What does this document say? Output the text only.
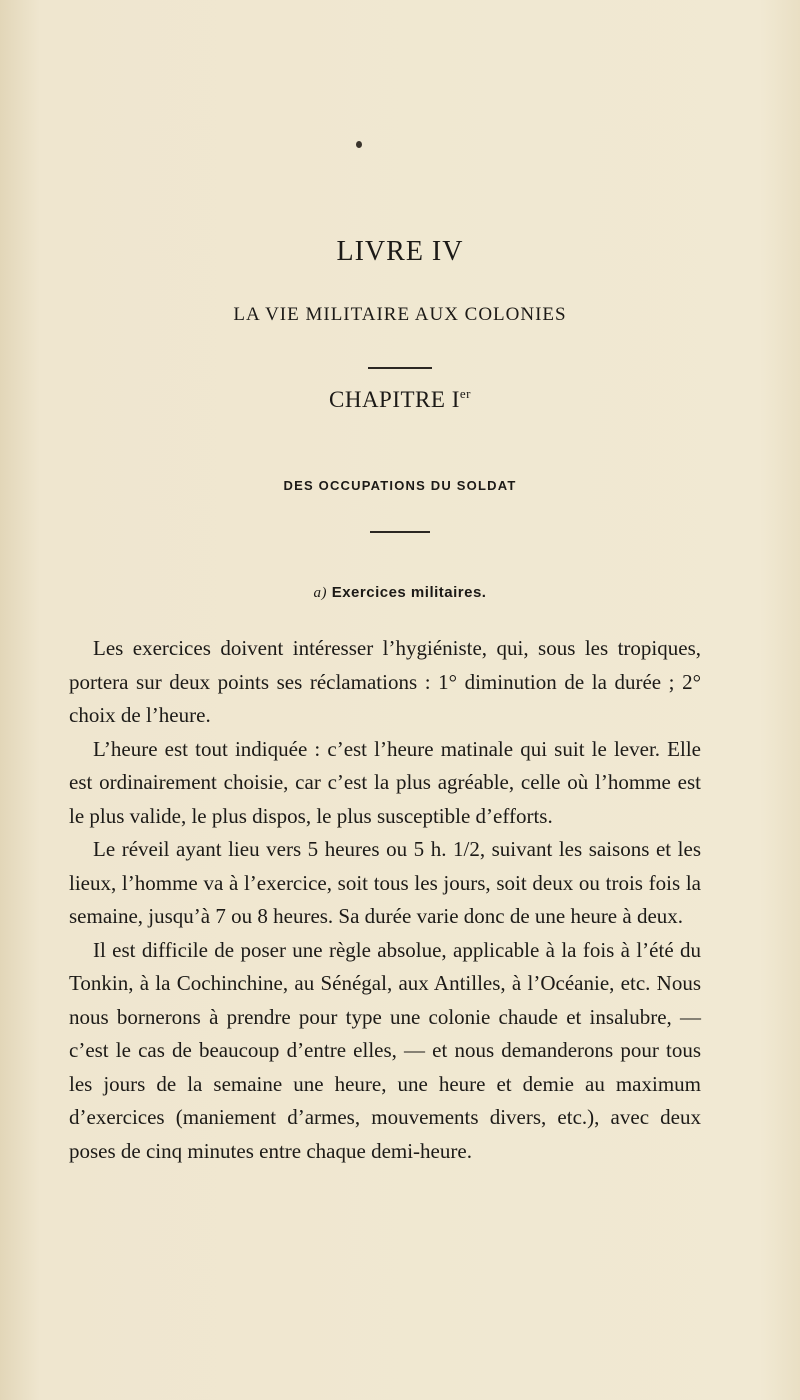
LIVRE IV
LA VIE MILITAIRE AUX COLONIES
CHAPITRE Ier
DES OCCUPATIONS DU SOLDAT
a) Exercices militaires.

Les exercices doivent intéresser l’hygiéniste, qui, sous les tropiques, portera sur deux points ses réclamations : 1° diminution de la durée ; 2° choix de l’heure.

L’heure est tout indiquée : c’est l’heure matinale qui suit le lever. Elle est ordinairement choisie, car c’est la plus agréable, celle où l’homme est le plus valide, le plus dispos, le plus susceptible d’efforts.

Le réveil ayant lieu vers 5 heures ou 5 h. 1/2, suivant les saisons et les lieux, l’homme va à l’exercice, soit tous les jours, soit deux ou trois fois la semaine, jusqu’à 7 ou 8 heures. Sa durée varie donc de une heure à deux.

Il est difficile de poser une règle absolue, applicable à la fois à l’été du Tonkin, à la Cochinchine, au Sénégal, aux Antilles, à l’Océanie, etc. Nous nous bornerons à prendre pour type une colonie chaude et insalubre, — c’est le cas de beaucoup d’entre elles, — et nous demanderons pour tous les jours de la semaine une heure, une heure et demie au maximum d’exercices (maniement d’armes, mouvements divers, etc.), avec deux poses de cinq minutes entre chaque demi-heure.
